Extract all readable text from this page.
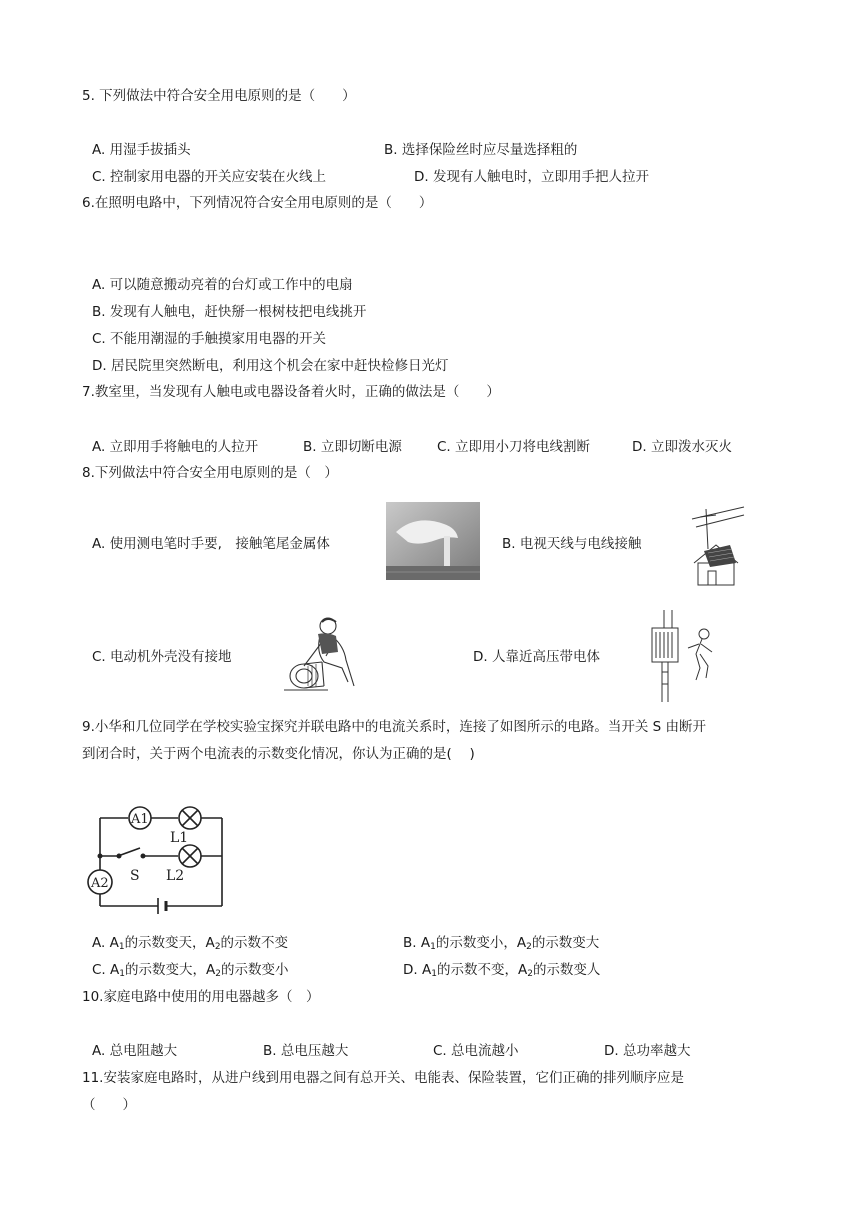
5. 下列做法中符合安全用电原则的是（　　）
A. 用湿手拔插头	B. 选择保险丝时应尽量选择粗的
C. 控制家用电器的开关应安装在火线上	D. 发现有人触电时，立即用手把人拉开
6.在照明电路中，下列情况符合安全用电原则的是（　　）
A. 可以随意搬动亮着的台灯或工作中的电扇
B. 发现有人触电，赶快掰一根树枝把电线挑开
C. 不能用潮湿的手触摸家用电器的开关
D. 居民院里突然断电，利用这个机会在家中赶快检修日光灯
7.教室里，当发现有人触电或电器设备着火时，正确的做法是（　　）
A. 立即用手将触电的人拉开	B. 立即切断电源	C. 立即用小刀将电线割断	D. 立即泼水灭火
8.下列做法中符合安全用电原则的是（　）
A. 使用测电笔时手要,　接触笔尾金属体	B. 电视天线与电线接触
C. 电动机外壳没有接地	D. 人靠近高压带电体
9.小华和几位同学在学校实验宝探究并联电路中的电流关系时，连接了如图所示的电路。当开关 S 由断开
到闭合时，关于两个电流表的示数变化情况，你认为正确的是(　 )
A1
A2
L1
L2
S
A. $A_1$的示数变天，$A_2$的示数不变	B. $A_1$的示数变小，$A_2$的示数变大
C. $A_1$的示数变大，$A_2$的示数变小	D. $A_1$的示数不变，$A_2$的示数变人
10.家庭电路中使用的用电器越多（　）
A. 总电阻越大	B. 总电压越大	C. 总电流越小	D. 总功率越大
11.安装家庭电路时，从进户线到用电器之间有总开关、电能表、保险装置，它们正确的排列顺序应是
（　　）
